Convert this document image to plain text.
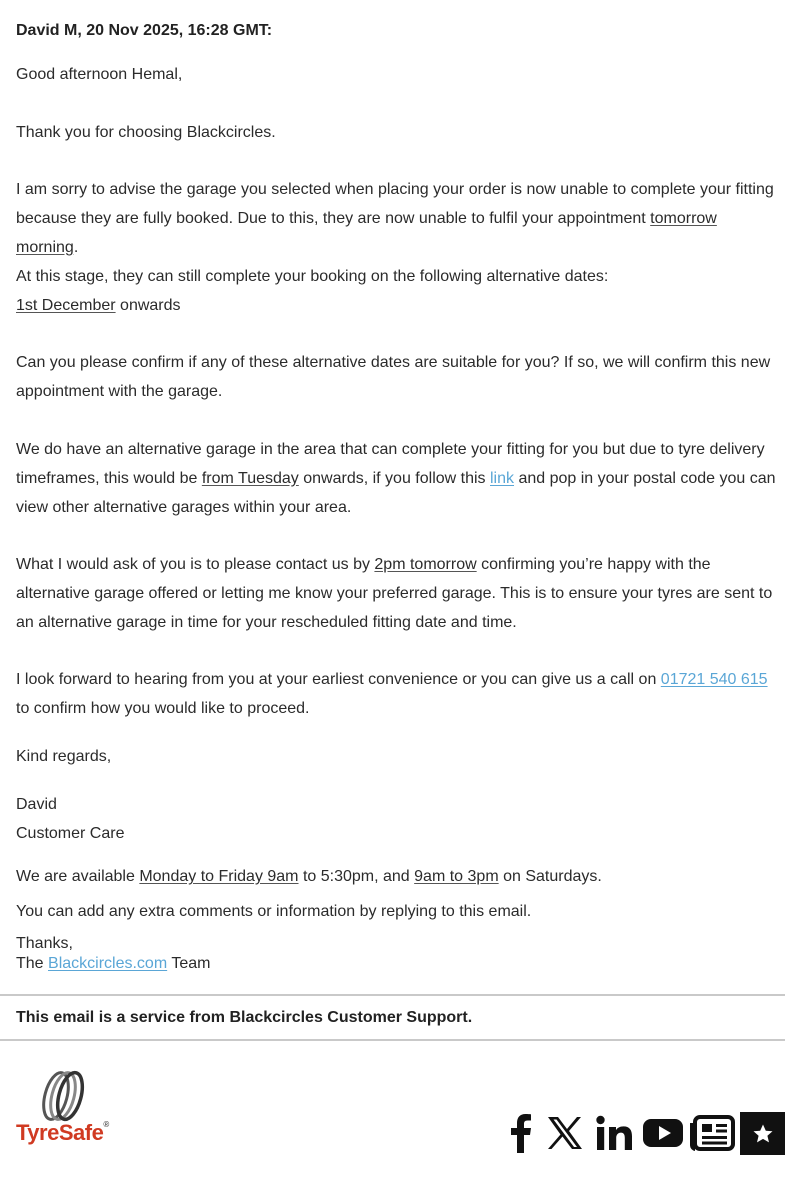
David M, 20 Nov 2025, 16:28 GMT:
Good afternoon Hemal,
Thank you for choosing Blackcircles.
I am sorry to advise the garage you selected when placing your order is now unable to complete your fitting because they are fully booked. Due to this, they are now unable to fulfil your appointment tomorrow morning.
At this stage, they can still complete your booking on the following alternative dates:
1st December onwards
Can you please confirm if any of these alternative dates are suitable for you? If so, we will confirm this new appointment with the garage.
We do have an alternative garage in the area that can complete your fitting for you but due to tyre delivery timeframes, this would be from Tuesday onwards, if you follow this link and pop in your postal code you can view other alternative garages within your area.
What I would ask of you is to please contact us by 2pm tomorrow confirming you’re happy with the alternative garage offered or letting me know your preferred garage. This is to ensure your tyres are sent to an alternative garage in time for your rescheduled fitting date and time.
I look forward to hearing from you at your earliest convenience or you can give us a call on 01721 540 615 to confirm how you would like to proceed.
Kind regards,
David
Customer Care
We are available Monday to Friday 9am to 5:30pm, and 9am to 3pm on Saturdays.
You can add any extra comments or information by replying to this email.
Thanks,
The Blackcircles.com Team
This email is a service from Blackcircles Customer Support.
TyreSafe®
